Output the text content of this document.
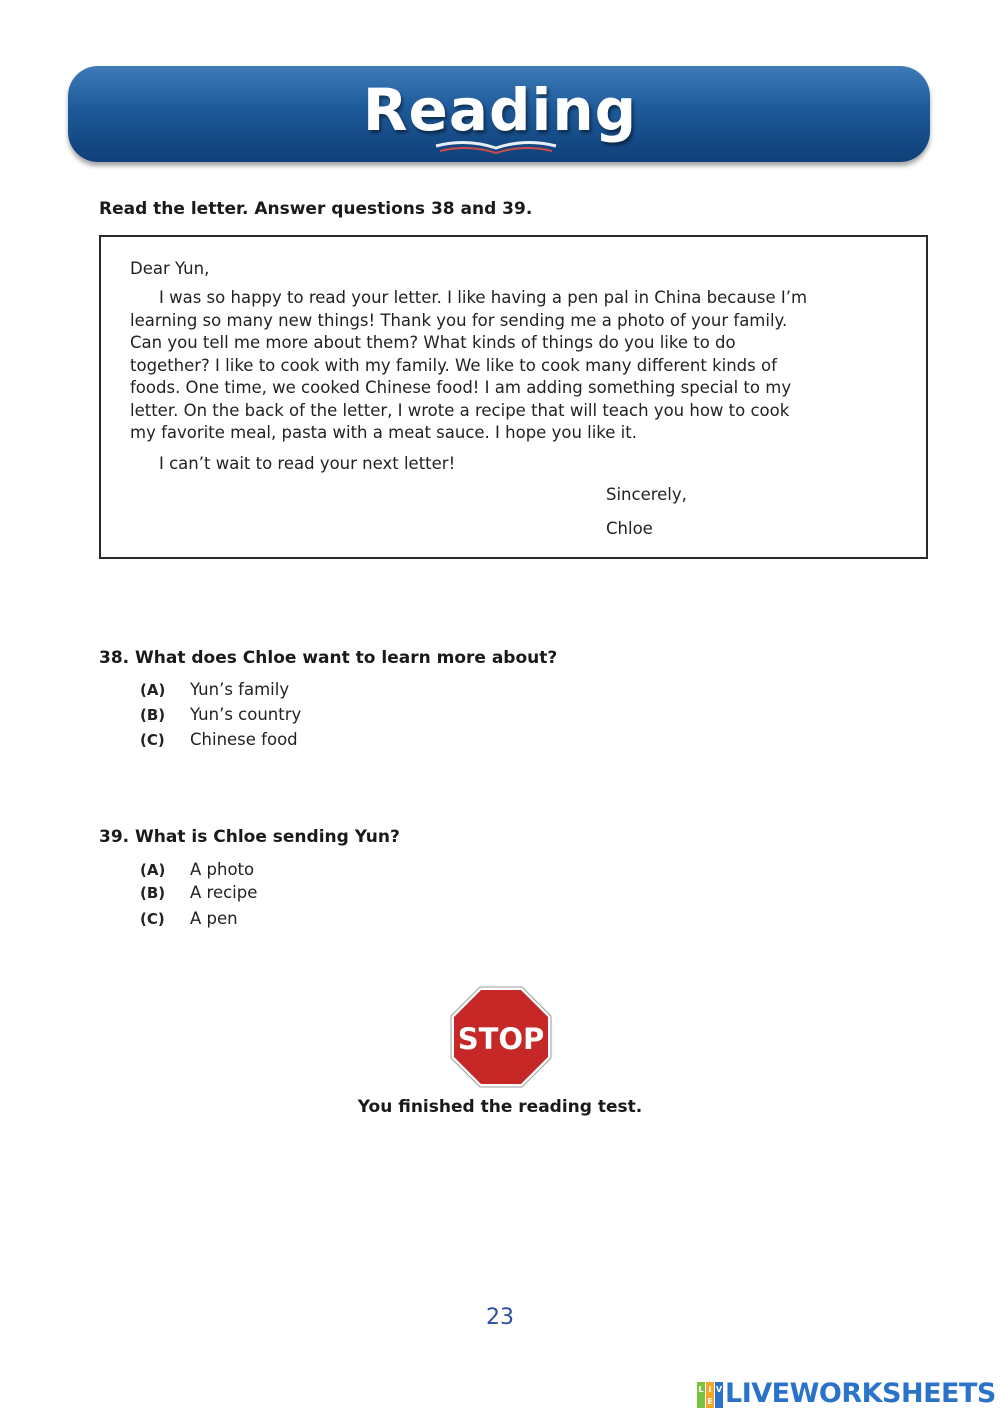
Reading
Read the letter. Answer questions 38 and 39.
Dear Yun,
I was so happy to read your letter. I like having a pen pal in China because I’m learning so many new things! Thank you for sending me a photo of your family. Can you tell me more about them? What kinds of things do you like to do together? I like to cook with my family. We like to cook many different kinds of foods. One time, we cooked Chinese food! I am adding something special to my letter. On the back of the letter, I wrote a recipe that will teach you how to cook my favorite meal, pasta with a meat sauce. I hope you like it.
I can’t wait to read your next letter!
Sincerely,
Chloe
38. What does Chloe want to learn more about?
(A) Yun’s family
(B) Yun’s country
(C) Chinese food
39. What is Chloe sending Yun?
(A) A photo
(B) A recipe
(C) A pen
STOP
You finished the reading test.
23
L I V
E LIVEWORKSHEETS
